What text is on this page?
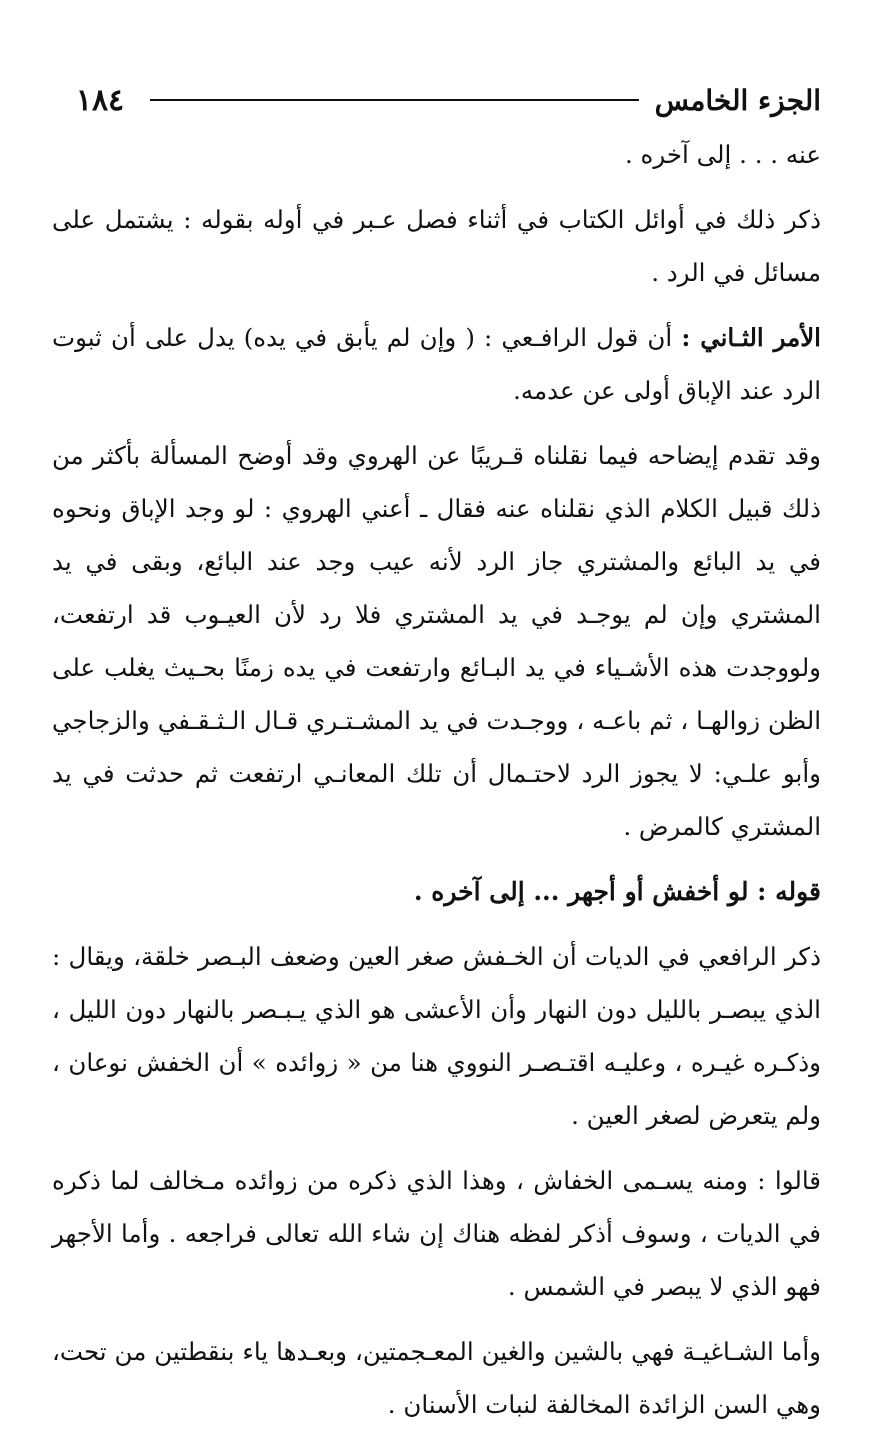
١٨٤	الجزء الخامس

عنه . . . إلى آخره .

ذكر ذلك في أوائل الكتاب في أثناء فصل عـبر في أوله بقوله : يشتمل على مسائل في الرد .

الأمر الثـاني : أن قول الرافـعي : ( وإن لم يأبق في يده) يدل على أن ثبوت الرد عند الإباق أولى عن عدمه.

وقد تقدم إيضاحه فيما نقلناه قـريبًا عن الهروي وقد أوضح المسألة بأكثر من ذلك قبيل الكلام الذي نقلناه عنه فقال ـ أعني الهروي : لو وجد الإباق ونحوه في يد البائع والمشتري جاز الرد لأنه عيب وجد عند البائع، وبقى في يد المشتري وإن لم يوجـد في يد المشتري فلا رد لأن العيـوب قد ارتفعت، ولووجدت هذه الأشـياء في يد البـائع وارتفعت في يده زمنًا بحـيث يغلب على الظن زوالهـا ، ثم باعـه ، ووجـدت في يد المشـتـري قـال الـثـقـفي والزجاجي وأبو علـي: لا يجوز الرد لاحتـمال أن تلك المعانـي ارتفعت ثم حدثت في يد المشتري كالمرض .

قوله : لو أخفش أو أجهر ... إلى آخره .

ذكر الرافعي في الديات أن الخـفش صغر العين وضعف البـصر خلقة، ويقال : الذي يبصـر بالليل دون النهار وأن الأعشى هو الذي يـبـصر بالنهار دون الليل ، وذكـره غيـره ، وعليـه اقتـصـر النووي هنا من « زوائده » أن الخفش نوعان ، ولم يتعرض لصغر العين .

قالوا : ومنه يسـمى الخفاش ، وهذا الذي ذكره من زوائده مـخالف لما ذكره في الديات ، وسوف أذكر لفظه هناك إن شاء الله تعالى فراجعه . وأما الأجهر فهو الذي لا يبصر في الشمس .

وأما الشـاغيـة فهي بالشين والغين المعـجمتين، وبعـدها ياء بنقطتين من تحت، وهي السن الزائدة المخالفة لنبات الأسنان .
